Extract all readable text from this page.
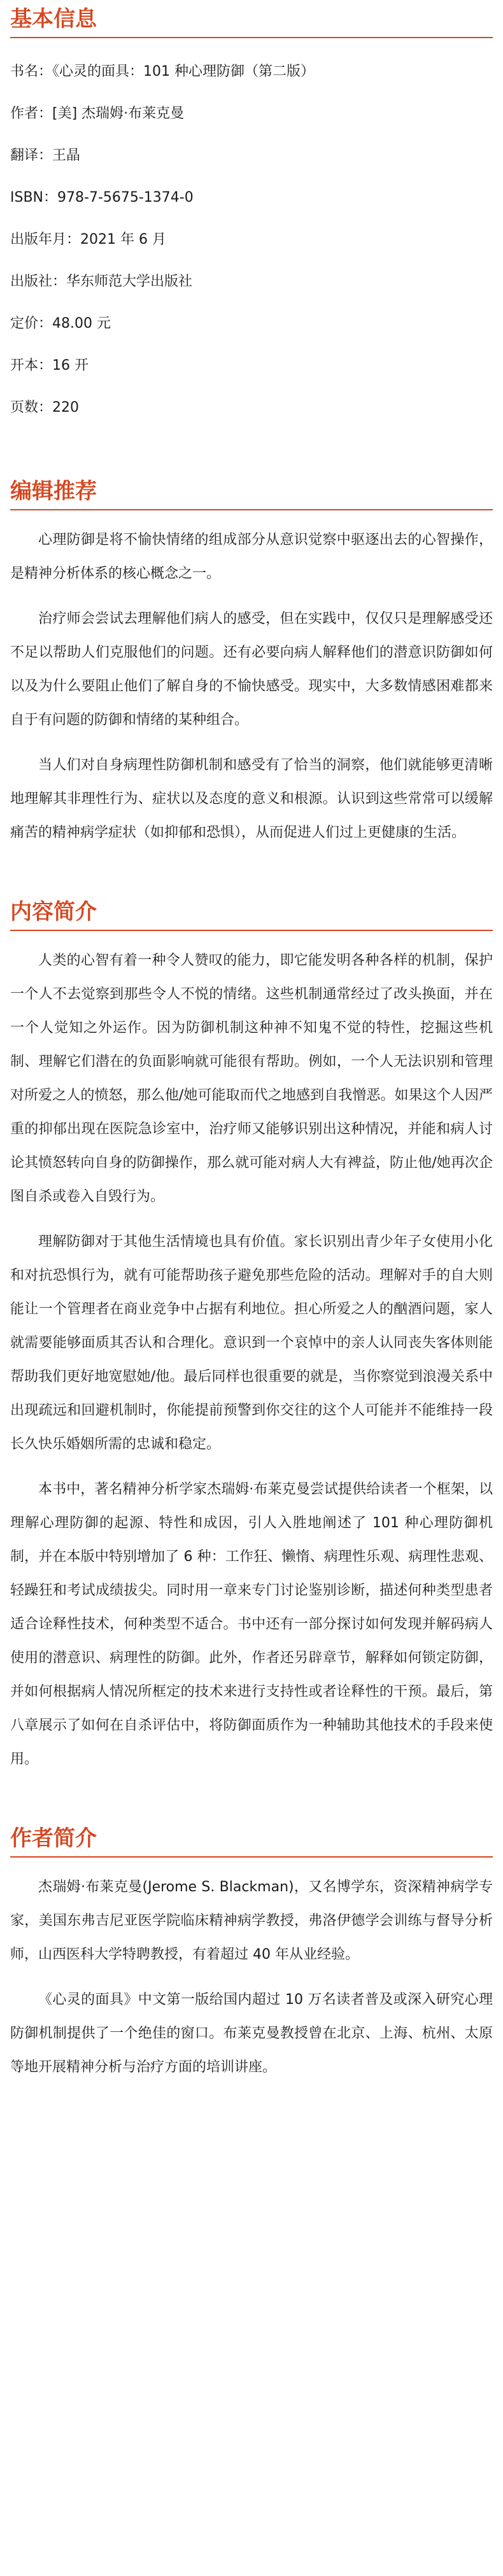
基本信息
书名：《心灵的面具：101 种心理防御（第二版）
作者：[美] 杰瑞姆·布莱克曼
翻译：王晶
ISBN：978-7-5675-1374-0
出版年月：2021 年 6 月
出版社：华东师范大学出版社
定价：48.00 元
开本：16 开
页数：220
编辑推荐

心理防御是将不愉快情绪的组成部分从意识觉察中驱逐出去的心智操作，是精神分析体系的核心概念之一。

治疗师会尝试去理解他们病人的感受，但在实践中，仅仅只是理解感受还不足以帮助人们克服他们的问题。还有必要向病人解释他们的潜意识防御如何以及为什么要阻止他们了解自身的不愉快感受。现实中，大多数情感困难都来自于有问题的防御和情绪的某种组合。

当人们对自身病理性防御机制和感受有了恰当的洞察，他们就能够更清晰地理解其非理性行为、症状以及态度的意义和根源。认识到这些常常可以缓解痛苦的精神病学症状（如抑郁和恐惧），从而促进人们过上更健康的生活。

内容简介

人类的心智有着一种令人赞叹的能力，即它能发明各种各样的机制，保护一个人不去觉察到那些令人不悦的情绪。这些机制通常经过了改头换面，并在一个人觉知之外运作。因为防御机制这种神不知鬼不觉的特性，挖掘这些机制、理解它们潜在的负面影响就可能很有帮助。例如，一个人无法识别和管理对所爱之人的愤怒，那么他/她可能取而代之地感到自我憎恶。如果这个人因严重的抑郁出现在医院急诊室中，治疗师又能够识别出这种情况，并能和病人讨论其愤怒转向自身的防御操作，那么就可能对病人大有裨益，防止他/她再次企图自杀或卷入自毁行为。

理解防御对于其他生活情境也具有价值。家长识别出青少年子女使用小化和对抗恐惧行为，就有可能帮助孩子避免那些危险的活动。理解对手的自大则能让一个管理者在商业竞争中占据有利地位。担心所爱之人的酗酒问题，家人就需要能够面质其否认和合理化。意识到一个哀悼中的亲人认同丧失客体则能帮助我们更好地宽慰她/他。最后同样也很重要的就是，当你察觉到浪漫关系中出现疏远和回避机制时，你能提前预警到你交往的这个人可能并不能维持一段长久快乐婚姻所需的忠诚和稳定。

本书中，著名精神分析学家杰瑞姆·布莱克曼尝试提供给读者一个框架，以理解心理防御的起源、特性和成因，引人入胜地阐述了 101 种心理防御机制，并在本版中特别增加了 6 种：工作狂、懒惰、病理性乐观、病理性悲观、轻躁狂和考试成绩拔尖。同时用一章来专门讨论鉴别诊断，描述何种类型患者适合诠释性技术，何种类型不适合。书中还有一部分探讨如何发现并解码病人使用的潜意识、病理性的防御。此外，作者还另辟章节，解释如何锁定防御，并如何根据病人情况所框定的技术来进行支持性或者诠释性的干预。最后，第八章展示了如何在自杀评估中，将防御面质作为一种辅助其他技术的手段来使用。

作者简介

杰瑞姆·布莱克曼(Jerome S. Blackman)，又名博学东，资深精神病学专家，美国东弗吉尼亚医学院临床精神病学教授，弗洛伊德学会训练与督导分析师，山西医科大学特聘教授，有着超过 40 年从业经验。

《心灵的面具》中文第一版给国内超过 10 万名读者普及或深入研究心理防御机制提供了一个绝佳的窗口。布莱克曼教授曾在北京、上海、杭州、太原等地开展精神分析与治疗方面的培训讲座。
